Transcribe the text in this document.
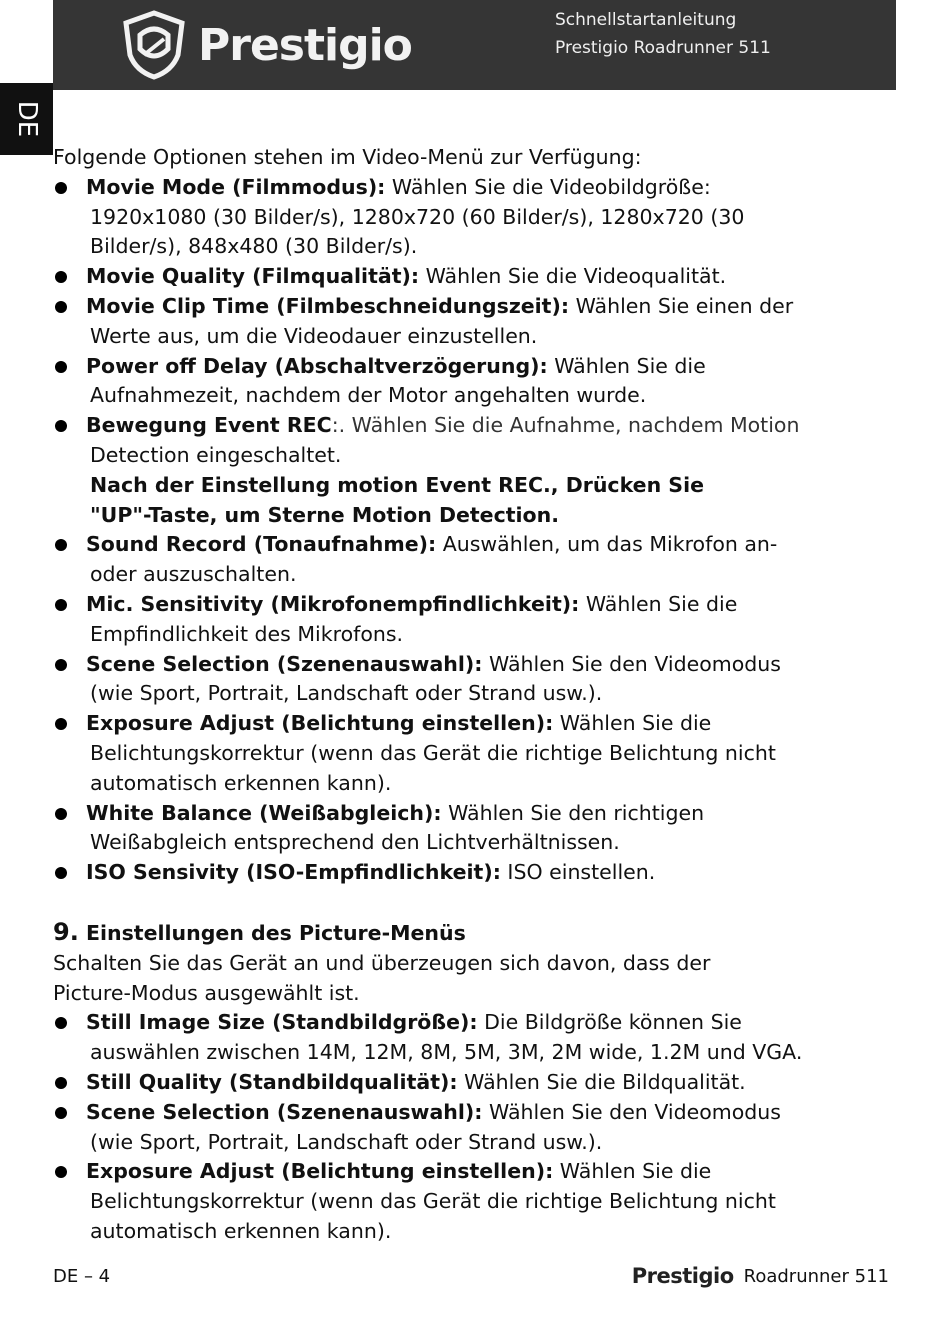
Prestigio	Schnellstartanleitung
Prestigio Roadrunner 511
DE

Folgende Optionen stehen im Video-Menü zur Verfügung:

Movie Mode (Filmmodus): Wählen Sie die Videobildgröße:

1920x1080 (30 Bilder/s), 1280x720 (60 Bilder/s), 1280x720 (30

Bilder/s), 848x480 (30 Bilder/s).

Movie Quality (Filmqualität): Wählen Sie die Videoqualität.
Movie Clip Time (Filmbeschneidungszeit): Wählen Sie einen der

Werte aus, um die Videodauer einzustellen.

Power off Delay (Abschaltverzögerung): Wählen Sie die

Aufnahmezeit, nachdem der Motor angehalten wurde.

Bewegung Event REC:. Wählen Sie die Aufnahme, nachdem Motion

Detection eingeschaltet.

Nach der Einstellung motion Event REC., Drücken Sie

"UP"-Taste, um Sterne Motion Detection.

Sound Record (Tonaufnahme): Auswählen, um das Mikrofon an-

oder auszuschalten.

Mic. Sensitivity (Mikrofonempfindlichkeit): Wählen Sie die

Empfindlichkeit des Mikrofons.

Scene Selection (Szenenauswahl): Wählen Sie den Videomodus

(wie Sport, Portrait, Landschaft oder Strand usw.).

Exposure Adjust (Belichtung einstellen): Wählen Sie die

Belichtungskorrektur (wenn das Gerät die richtige Belichtung nicht

automatisch erkennen kann).

White Balance (Weißabgleich): Wählen Sie den richtigen

Weißabgleich entsprechend den Lichtverhältnissen.

ISO Sensivity (ISO-Empfindlichkeit): ISO einstellen.

9. Einstellungen des Picture-Menüs

Schalten Sie das Gerät an und überzeugen sich davon, dass der

Picture-Modus ausgewählt ist.

Still Image Size (Standbildgröße): Die Bildgröße können Sie

auswählen zwischen 14M, 12M, 8M, 5M, 3M, 2M wide, 1.2M und VGA.

Still Quality (Standbildqualität): Wählen Sie die Bildqualität.
Scene Selection (Szenenauswahl): Wählen Sie den Videomodus

(wie Sport, Portrait, Landschaft oder Strand usw.).

Exposure Adjust (Belichtung einstellen): Wählen Sie die

Belichtungskorrektur (wenn das Gerät die richtige Belichtung nicht

automatisch erkennen kann).

DE – 4	Prestigio Roadrunner 511
